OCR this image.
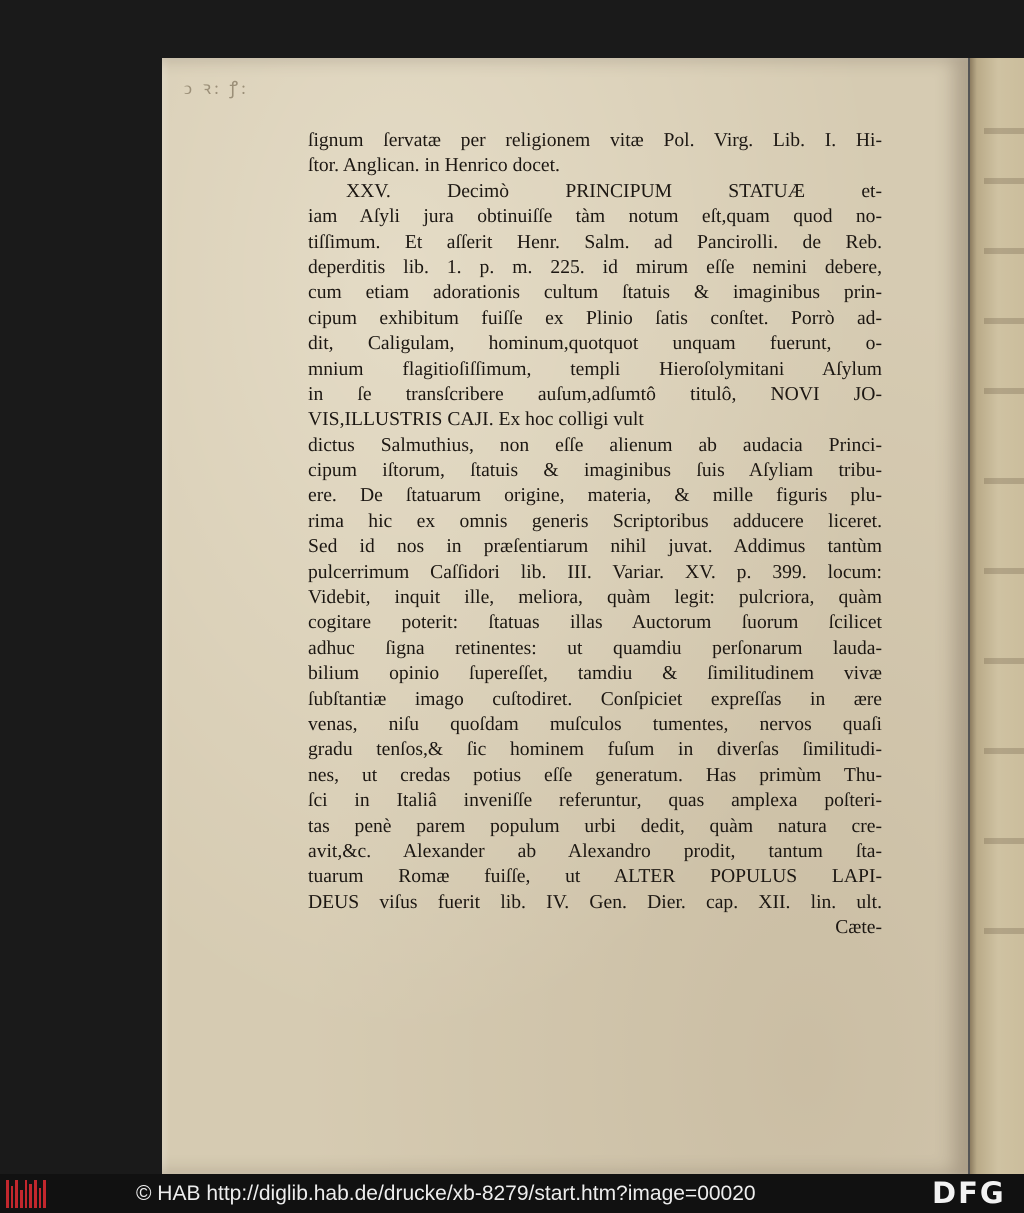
ↄ ꝛ: ꝭ:
ſignum ſervatæ per religionem vitæ Pol. Virg. Lib. I. Hi-
ſtor. Anglican. in Henrico docet.
XXV. Decimò PRINCIPUM STATUÆ et-
iam Aſyli jura obtinuiſſe tàm notum eſt,quam quod no-
tiſſimum. Et aſſerit Henr. Salm. ad Pancirolli. de Reb.
deperditis lib. 1. p. m. 225. id mirum eſſe nemini debere,
cum etiam adorationis cultum ſtatuis & imaginibus prin-
cipum exhibitum fuiſſe ex Plinio ſatis conſtet. Porrò ad-
dit, Caligulam, hominum,quotquot unquam fuerunt, o-
mnium flagitioſiſſimum, templi Hieroſolymitani Aſylum
in ſe transſcribere auſum,adſumtô titulô, NOVI JO-
VIS,ILLUSTRIS CAJI. Ex hoc colligi vult
dictus Salmuthius, non eſſe alienum ab audacia Princi-
cipum iſtorum, ſtatuis & imaginibus ſuis Aſyliam tribu-
ere. De ſtatuarum origine, materia, & mille figuris plu-
rima hic ex omnis generis Scriptoribus adducere liceret.
Sed id nos in præſentiarum nihil juvat. Addimus tantùm
pulcerrimum Caſſidori lib. III. Variar. XV. p. 399. locum:
Videbit, inquit ille, meliora, quàm legit: pulcriora, quàm
cogitare poterit: ſtatuas illas Auctorum ſuorum ſcilicet
adhuc ſigna retinentes: ut quamdiu perſonarum lauda-
bilium opinio ſupereſſet, tamdiu & ſimilitudinem vivæ
ſubſtantiæ imago cuſtodiret. Conſpiciet expreſſas in ære
venas, niſu quoſdam muſculos tumentes, nervos quaſi
gradu tenſos,& ſic hominem fuſum in diverſas ſimilitudi-
nes, ut credas potius eſſe generatum. Has primùm Thu-
ſci in Italiâ inveniſſe referuntur, quas amplexa poſteri-
tas penè parem populum urbi dedit, quàm natura cre-
avit,&c. Alexander ab Alexandro prodit, tantum ſta-
tuarum Romæ fuiſſe, ut ALTER POPULUS LAPI-
DEUS viſus fuerit lib. IV. Gen. Dier. cap. XII. lin. ult.
Cæte-
© HAB http://diglib.hab.de/drucke/xb-8279/start.htm?image=00020	DFG
